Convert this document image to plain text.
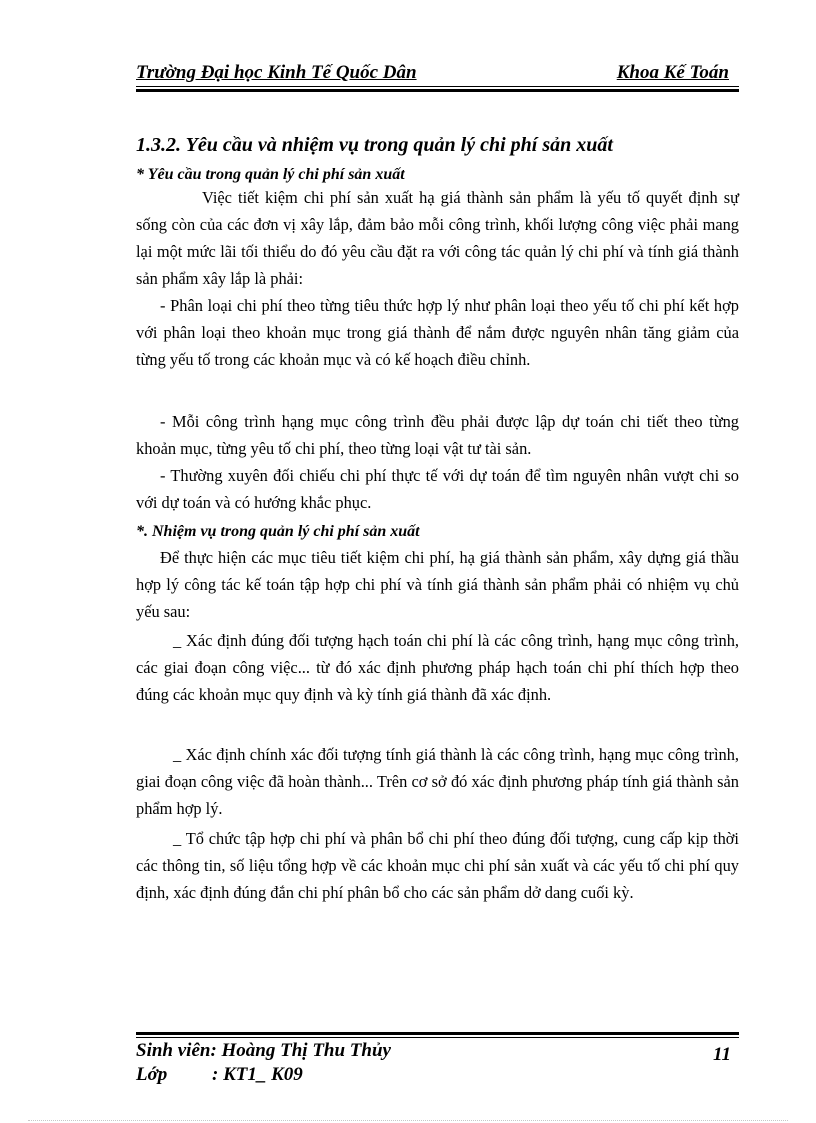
Trường Đại học Kinh Tế Quốc Dân	Khoa Kế Toán
1.3.2. Yêu cầu và nhiệm vụ trong quản lý chi phí sản xuất
* Yêu cầu trong quản lý chi phí sản xuất

Việc tiết kiệm chi phí sản xuất hạ giá thành sản phẩm là yếu tố quyết định sự sống còn của các đơn vị xây lắp, đảm bảo mỗi công trình, khối lượng công việc phải mang lại một mức lãi tối thiểu do đó yêu cầu đặt ra với công tác quản lý chi phí và tính giá thành sản phẩm xây lắp là phải:

- Phân loại chi phí theo từng tiêu thức hợp lý như phân loại theo yếu tố chi phí kết hợp với phân loại theo khoản mục trong giá thành để nắm được nguyên nhân tăng giảm của từng yếu tố trong các khoản mục và có kế hoạch điều chỉnh.

- Mỗi công trình hạng mục công trình đều phải được lập dự toán chi tiết theo từng khoản mục, từng yêu tố chi phí, theo từng loại vật tư tài sản.

- Thường xuyên đối chiếu chi phí thực tế với dự toán để tìm nguyên nhân vượt chi so với dự toán và có hướng khắc phục.

*. Nhiệm vụ trong quản lý chi phí sản xuất

Để thực hiện các mục tiêu tiết kiệm chi phí, hạ giá thành sản phẩm, xây dựng giá thầu hợp lý công tác kế toán tập hợp chi phí và tính giá thành sản phẩm phải có nhiệm vụ chủ yếu sau:

_ Xác định đúng đối tượng hạch toán chi phí là các công trình, hạng mục công trình, các giai đoạn công việc... từ đó xác định phương pháp hạch toán chi phí thích hợp theo đúng các khoản mục quy định và kỳ tính giá thành đã xác định.

_ Xác định chính xác đối tượng tính giá thành là các công trình, hạng mục công trình, giai đoạn công việc đã hoàn thành... Trên cơ sở đó xác định phương pháp tính giá thành sản phẩm hợp lý.

_ Tổ chức tập hợp chi phí và phân bổ chi phí theo đúng đối tượng, cung cấp kịp thời các thông tin, số liệu tổng hợp về các khoản mục chi phí sản xuất và các yếu tố chi phí quy định, xác định đúng đắn chi phí phân bổ cho các sản phẩm dở dang cuối kỳ.

Sinh viên: Hoàng Thị Thu Thủy
Lớp : KT1_ K09
11
